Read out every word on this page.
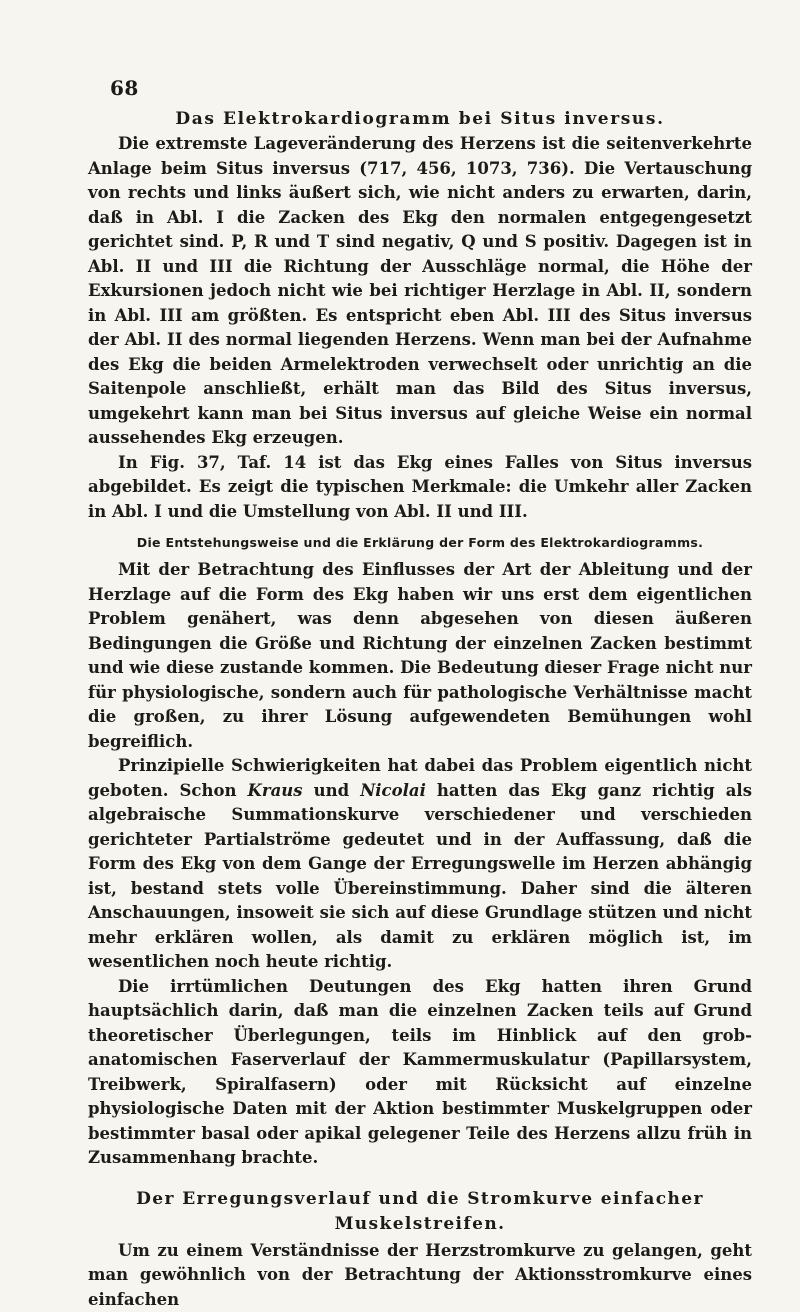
68
Das Elektrokardiogramm bei Situs inversus.

Die extremste Lageveränderung des Herzens ist die seitenverkehrte Anlage beim Situs inversus (717, 456, 1073, 736). Die Vertauschung von rechts und links äußert sich, wie nicht anders zu erwarten, darin, daß in Abl. I die Zacken des Ekg den normalen entgegengesetzt gerichtet sind. P, R und T sind negativ, Q und S positiv. Dagegen ist in Abl. II und III die Richtung der Ausschläge normal, die Höhe der Exkursionen jedoch nicht wie bei richtiger Herzlage in Abl. II, sondern in Abl. III am größten. Es entspricht eben Abl. III des Situs inversus der Abl. II des normal liegenden Herzens. Wenn man bei der Aufnahme des Ekg die beiden Armelektroden verwechselt oder unrichtig an die Saitenpole anschließt, erhält man das Bild des Situs inversus, umgekehrt kann man bei Situs inversus auf gleiche Weise ein normal aussehendes Ekg erzeugen.

In Fig. 37, Taf. 14 ist das Ekg eines Falles von Situs inversus abgebildet. Es zeigt die typischen Merkmale: die Umkehr aller Zacken in Abl. I und die Umstellung von Abl. II und III.

Die Entstehungsweise und die Erklärung der Form des Elektrokardiogramms.

Mit der Betrachtung des Einflusses der Art der Ableitung und der Herzlage auf die Form des Ekg haben wir uns erst dem eigentlichen Problem genähert, was denn abgesehen von diesen äußeren Bedingungen die Größe und Richtung der einzelnen Zacken bestimmt und wie diese zustande kommen. Die Bedeutung dieser Frage nicht nur für physiologische, sondern auch für pathologische Verhältnisse macht die großen, zu ihrer Lösung aufgewendeten Bemühungen wohl begreiflich.

Prinzipielle Schwierigkeiten hat dabei das Problem eigentlich nicht geboten. Schon Kraus und Nicolai hatten das Ekg ganz richtig als algebraische Summationskurve verschiedener und verschieden gerichteter Partialströme gedeutet und in der Auffassung, daß die Form des Ekg von dem Gange der Erregungswelle im Herzen abhängig ist, bestand stets volle Übereinstimmung. Daher sind die älteren Anschauungen, insoweit sie sich auf diese Grundlage stützen und nicht mehr erklären wollen, als damit zu erklären möglich ist, im wesentlichen noch heute richtig.

Die irrtümlichen Deutungen des Ekg hatten ihren Grund hauptsächlich darin, daß man die einzelnen Zacken teils auf Grund theoretischer Überlegungen, teils im Hinblick auf den grob-anatomischen Faserverlauf der Kammermuskulatur (Papillarsystem, Treibwerk, Spiralfasern) oder mit Rücksicht auf einzelne physiologische Daten mit der Aktion bestimmter Muskelgruppen oder bestimmter basal oder apikal gelegener Teile des Herzens allzu früh in Zusammenhang brachte.

Der Erregungsverlauf und die Stromkurve einfacher
Muskelstreifen.

Um zu einem Verständnisse der Herzstromkurve zu gelangen, geht man gewöhnlich von der Betrachtung der Aktionsstromkurve eines einfachen
